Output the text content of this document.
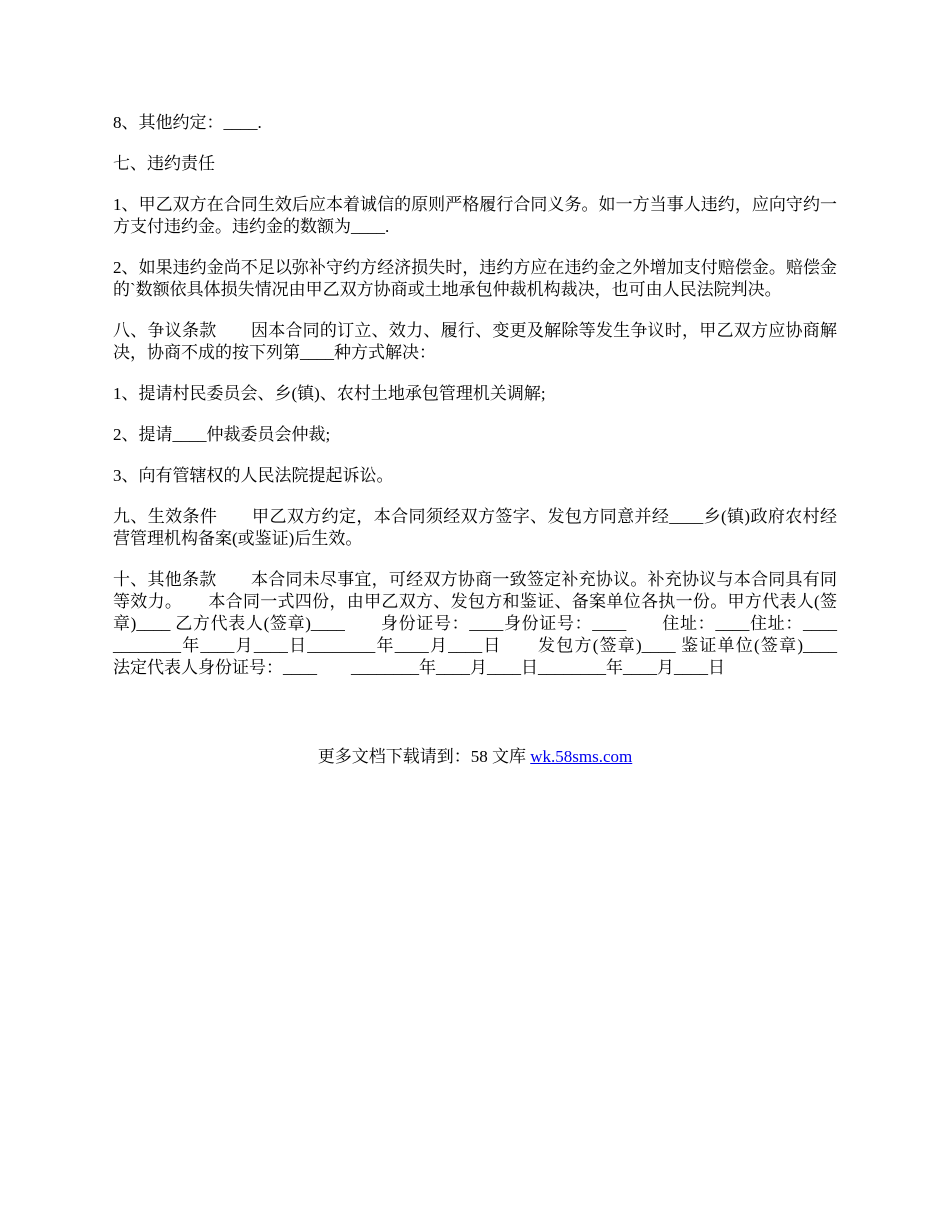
8、其他约定：____.

七、违约责任

1、甲乙双方在合同生效后应本着诚信的原则严格履行合同义务。如一方当事人违约，应向守约一方支付违约金。违约金的数额为____.

2、如果违约金尚不足以弥补守约方经济损失时，违约方应在违约金之外增加支付赔偿金。赔偿金的`数额依具体损失情况由甲乙双方协商或土地承包仲裁机构裁决，也可由人民法院判决。

八、争议条款　　因本合同的订立、效力、履行、变更及解除等发生争议时，甲乙双方应协商解决，协商不成的按下列第____种方式解决：

1、提请村民委员会、乡(镇)、农村土地承包管理机关调解;

2、提请____仲裁委员会仲裁;

3、向有管辖权的人民法院提起诉讼。

九、生效条件　　甲乙双方约定，本合同须经双方签字、发包方同意并经____乡(镇)政府农村经营管理机构备案(或鉴证)后生效。

十、其他条款　　本合同未尽事宜，可经双方协商一致签定补充协议。补充协议与本合同具有同等效力。　　本合同一式四份，由甲乙双方、发包方和鉴证、备案单位各执一份。甲方代表人(签章)____ 乙方代表人(签章)____　　身份证号：____身份证号：____　　住址：____住址：____　　________年____月____日________年____月____日　　发包方(签章)____ 鉴证单位(签章)____　　法定代表人身份证号：____　　________年____月____日________年____月____日

更多文档下载请到：58 文库 wk.58sms.com
